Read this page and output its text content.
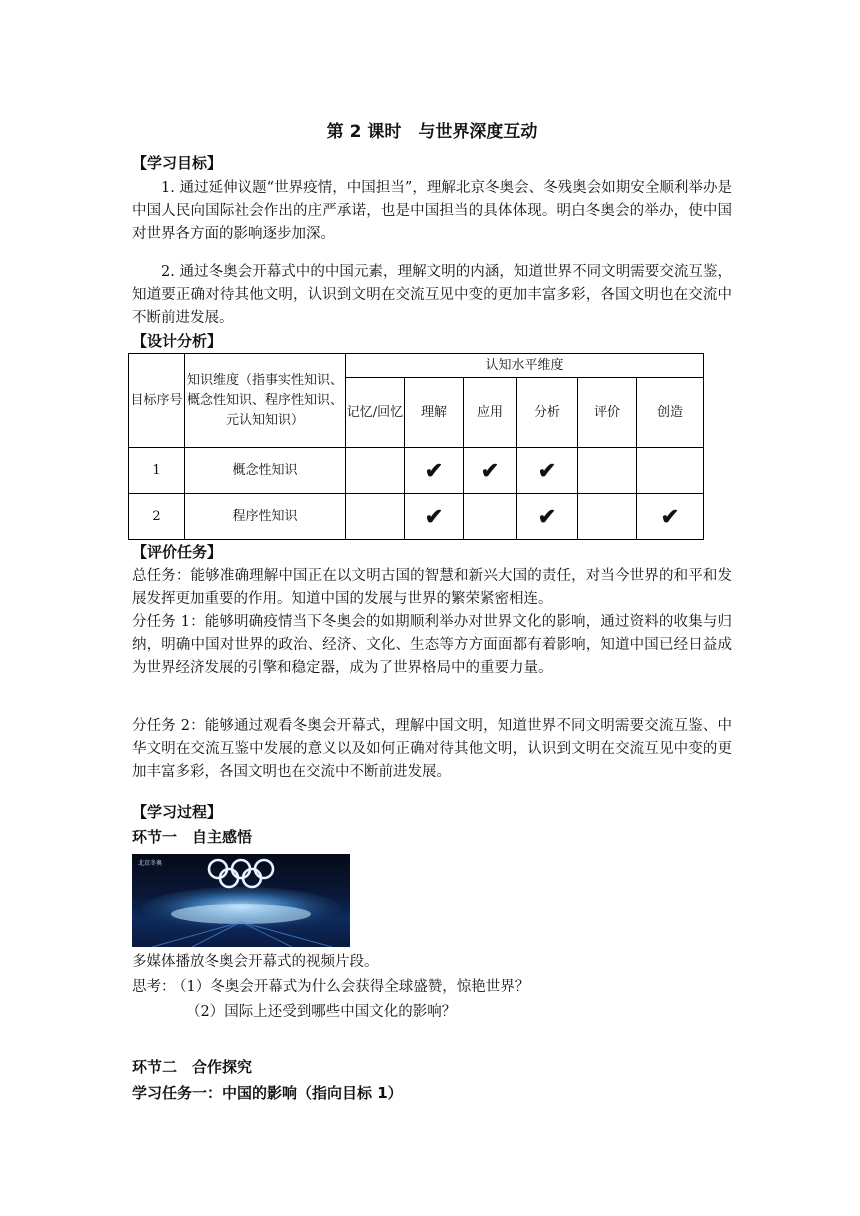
第 2 课时　与世界深度互动
【学习目标】
1. 通过延伸议题“世界疫情，中国担当”，理解北京冬奥会、冬残奥会如期安全顺利举办是中国人民向国际社会作出的庄严承诺，也是中国担当的具体体现。明白冬奥会的举办，使中国对世界各方面的影响逐步加深。
2. 通过冬奥会开幕式中的中国元素，理解文明的内涵，知道世界不同文明需要交流互鉴，知道要正确对待其他文明，认识到文明在交流互见中变的更加丰富多彩，各国文明也在交流中不断前进发展。
【设计分析】
目标序号	知识维度（指事实性知识、概念性知识、程序性知识、元认知知识）	认知水平维度					
		记忆/回忆	理解	应用	分析	评价	创造
1	概念性知识		✔	✔	✔		
2	程序性知识		✔		✔		✔
【评价任务】
总任务：能够准确理解中国正在以文明古国的智慧和新兴大国的责任，对当今世界的和平和发展发挥更加重要的作用。知道中国的发展与世界的繁荣紧密相连。
分任务 1：能够明确疫情当下冬奥会的如期顺利举办对世界文化的影响，通过资料的收集与归纳，明确中国对世界的政治、经济、文化、生态等方方面面都有着影响，知道中国已经日益成为世界经济发展的引擎和稳定器，成为了世界格局中的重要力量。
分任务 2：能够通过观看冬奥会开幕式，理解中国文明，知道世界不同文明需要交流互鉴、中华文明在交流互鉴中发展的意义以及如何正确对待其他文明，认识到文明在交流互见中变的更加丰富多彩，各国文明也在交流中不断前进发展。
【学习过程】
环节一　自主感悟
北京冬奥
多媒体播放冬奥会开幕式的视频片段。
思考：
（1）冬奥会开幕式为什么会获得全球盛赞，惊艳世界？
（2）国际上还受到哪些中国文化的影响？
环节二　合作探究
学习任务一：中国的影响（指向目标 1）
